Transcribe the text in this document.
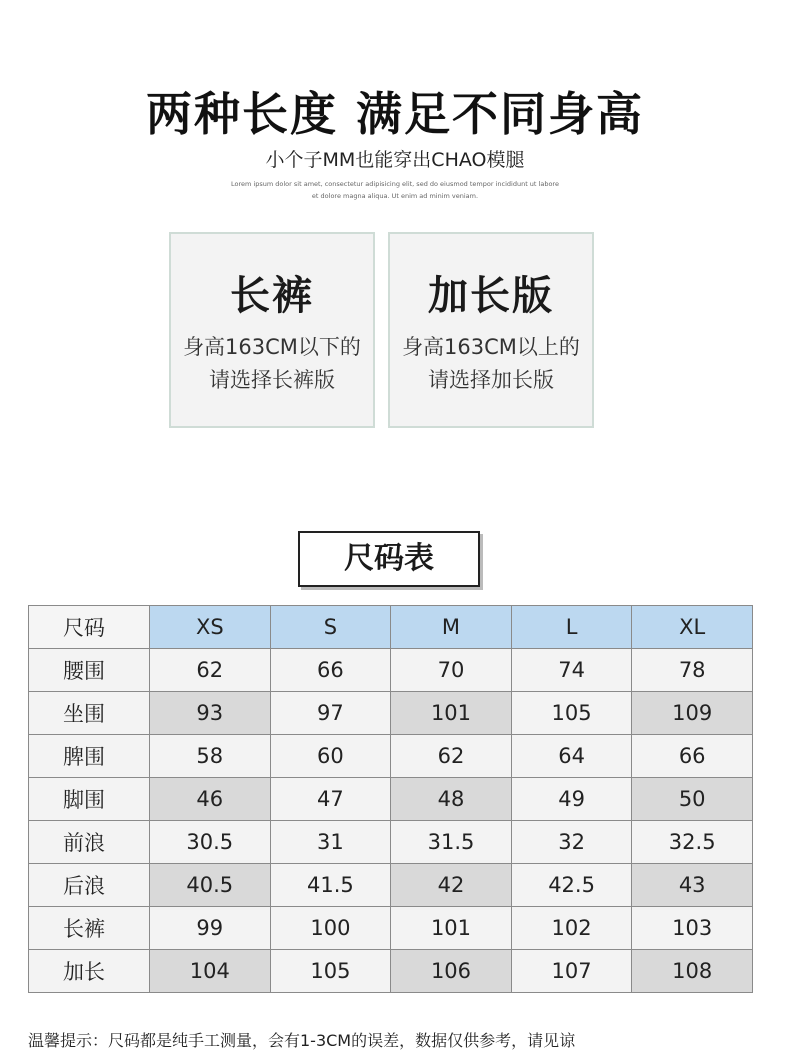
两种长度 满足不同身高
小个子MM也能穿出CHAO模腿
Lorem ipsum dolor sit amet, consectetur adipisicing elit, sed do eiusmod tempor incididunt ut labore
et dolore magna aliqua. Ut enim ad minim veniam.
长裤
身高163CM以下的
请选择长裤版
加长版
身高163CM以上的
请选择加长版
尺码表
尺码	XS	S	M	L	XL
腰围	62	66	70	74	78
坐围	93	97	101	105	109
脾围	58	60	62	64	66
脚围	46	47	48	49	50
前浪	30.5	31	31.5	32	32.5
后浪	40.5	41.5	42	42.5	43
长裤	99	100	101	102	103
加长	104	105	106	107	108
温馨提示：尺码都是纯手工测量，会有1-3CM的误差，数据仅供参考，请见谅
